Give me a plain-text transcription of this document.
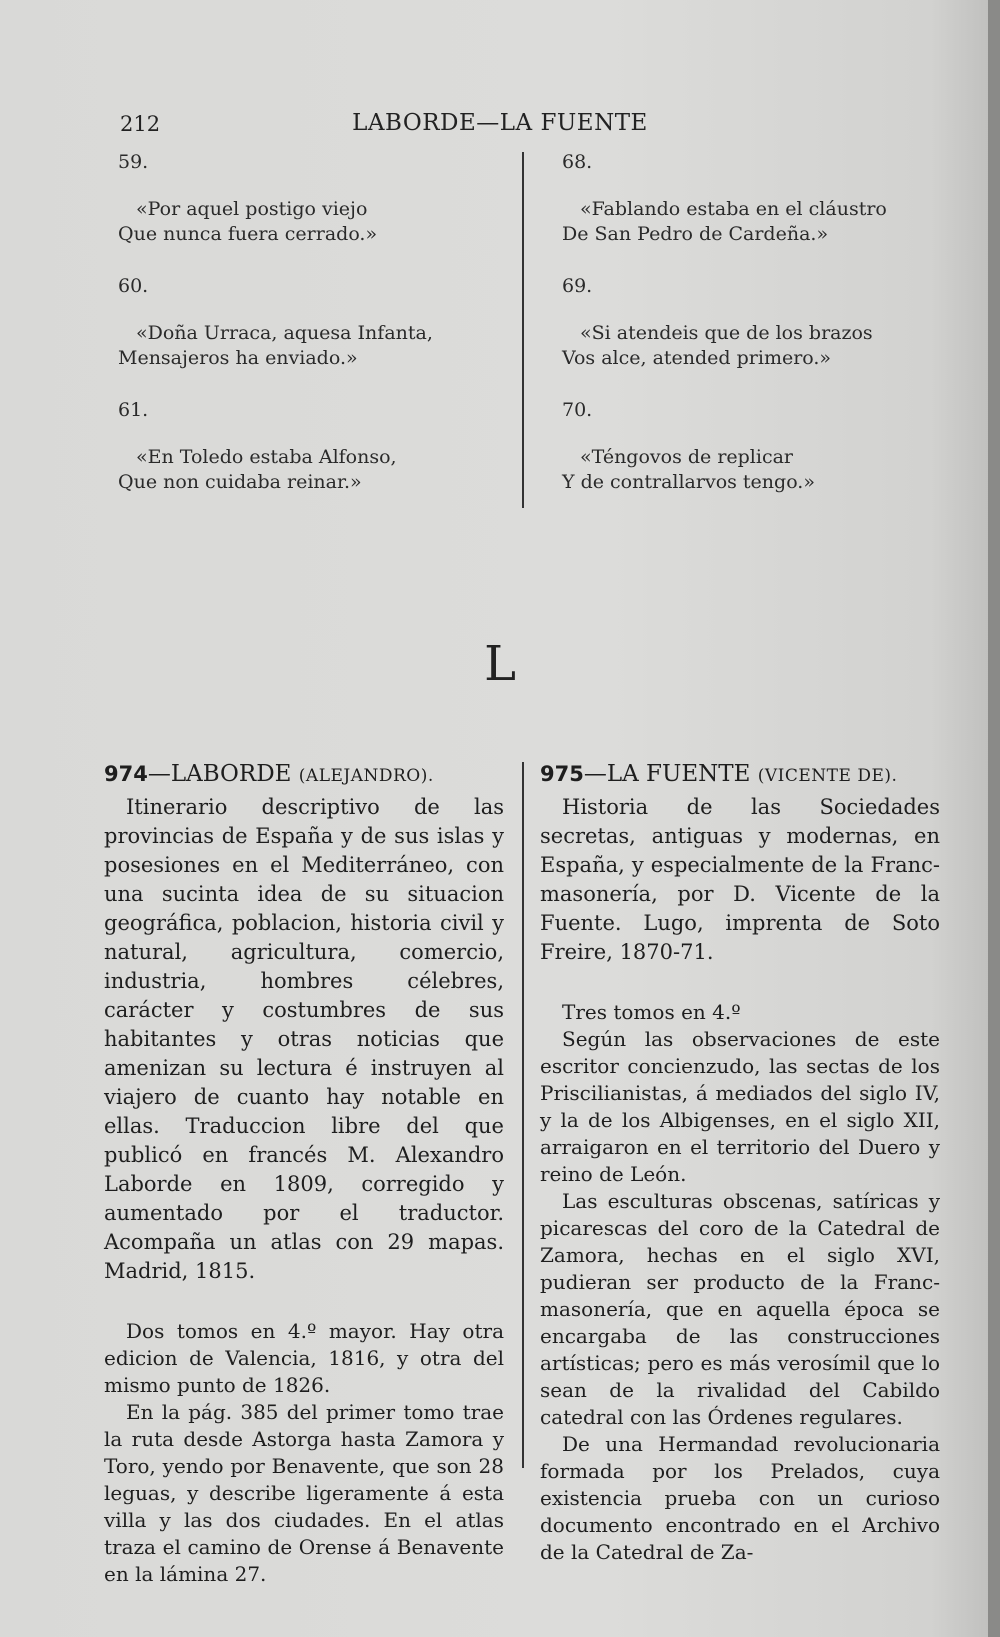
212	LABORDE—LA FUENTE
59.
«Por aquel postigo viejo
Que nunca fuera cerrado.»
60.
«Doña Urraca, aquesa Infanta,
Mensajeros ha enviado.»
61.
«En Toledo estaba Alfonso,
Que non cuidaba reinar.»
68.
«Fablando estaba en el cláustro
De San Pedro de Cardeña.»
69.
«Si atendeis que de los brazos
Vos alce, atended primero.»
70.
«Téngovos de replicar
Y de contrallarvos tengo.»
L
974—LABORDE (ALEJANDRO).
Itinerario descriptivo de las provincias de España y de sus islas y posesiones en el Mediterráneo, con una sucinta idea de su situacion geográfica, poblacion, historia civil y natural, agricultura, comercio, industria, hombres célebres, carácter y costumbres de sus habitantes y otras noticias que amenizan su lectura é instruyen al viajero de cuanto hay notable en ellas. Traduccion libre del que publicó en francés M. Alexandro Laborde en 1809, corregido y aumentado por el traductor. Acompaña un atlas con 29 mapas. Madrid, 1815.
Dos tomos en 4.º mayor. Hay otra edicion de Valencia, 1816, y otra del mismo punto de 1826.
En la pág. 385 del primer tomo trae la ruta desde Astorga hasta Zamora y Toro, yendo por Benavente, que son 28 leguas, y describe ligeramente á esta villa y las dos ciudades. En el atlas traza el camino de Orense á Benavente en la lámina 27.
975—LA FUENTE (VICENTE DE).
Historia de las Sociedades secretas, antiguas y modernas, en España, y especialmente de la Franc-masonería, por D. Vicente de la Fuente. Lugo, imprenta de Soto Freire, 1870-71.
Tres tomos en 4.º
Según las observaciones de este escritor concienzudo, las sectas de los Priscilianistas, á mediados del siglo IV, y la de los Albigenses, en el siglo XII, arraigaron en el territorio del Duero y reino de León.
Las esculturas obscenas, satíricas y picarescas del coro de la Catedral de Zamora, hechas en el siglo XVI, pudieran ser producto de la Franc-masonería, que en aquella época se encargaba de las construcciones artísticas; pero es más verosímil que lo sean de la rivalidad del Cabildo catedral con las Órdenes regulares.
De una Hermandad revolucionaria formada por los Prelados, cuya existencia prueba con un curioso documento encontrado en el Archivo de la Catedral de Za-
